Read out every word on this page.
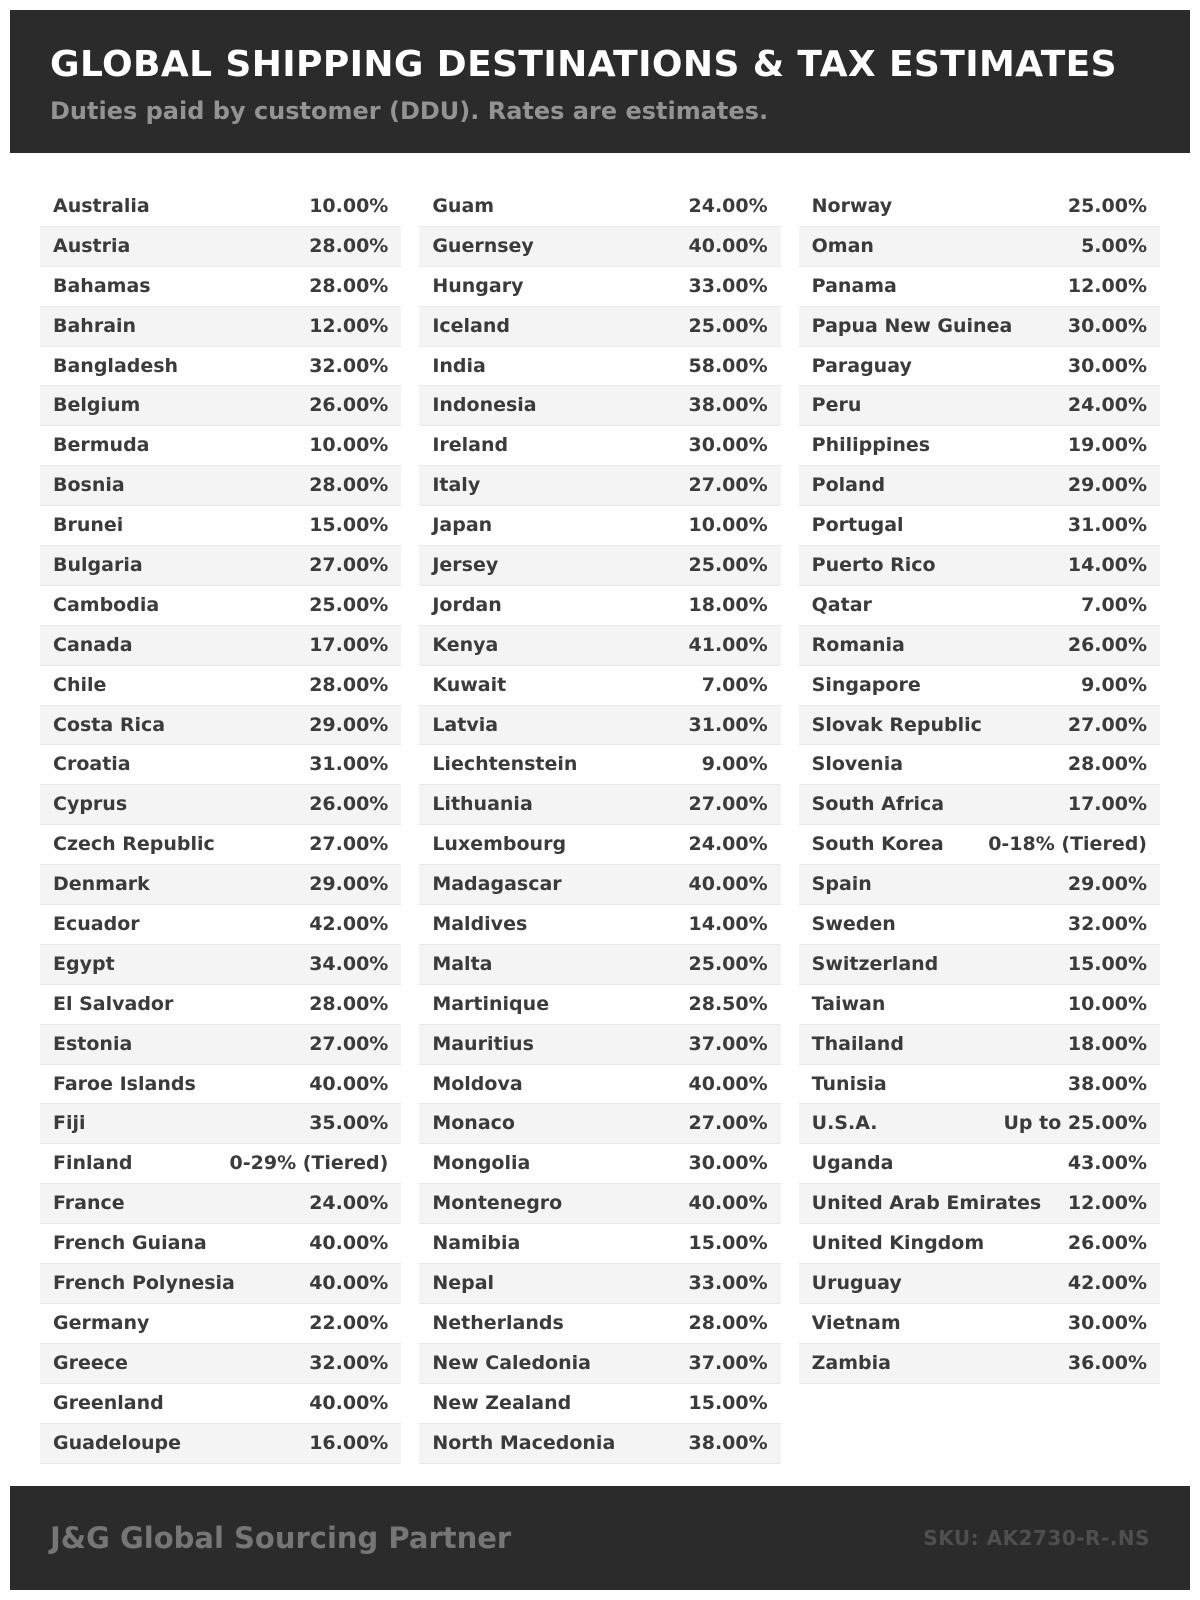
GLOBAL SHIPPING DESTINATIONS & TAX ESTIMATES

Duties paid by customer (DDU). Rates are estimates.

Australia	10.00%
Austria	28.00%
Bahamas	28.00%
Bahrain	12.00%
Bangladesh	32.00%
Belgium	26.00%
Bermuda	10.00%
Bosnia	28.00%
Brunei	15.00%
Bulgaria	27.00%
Cambodia	25.00%
Canada	17.00%
Chile	28.00%
Costa Rica	29.00%
Croatia	31.00%
Cyprus	26.00%
Czech Republic	27.00%
Denmark	29.00%
Ecuador	42.00%
Egypt	34.00%
El Salvador	28.00%
Estonia	27.00%
Faroe Islands	40.00%
Fiji	35.00%
Finland	0-29% (Tiered)
France	24.00%
French Guiana	40.00%
French Polynesia	40.00%
Germany	22.00%
Greece	32.00%
Greenland	40.00%
Guadeloupe	16.00%
Guam	24.00%
Guernsey	40.00%
Hungary	33.00%
Iceland	25.00%
India	58.00%
Indonesia	38.00%
Ireland	30.00%
Italy	27.00%
Japan	10.00%
Jersey	25.00%
Jordan	18.00%
Kenya	41.00%
Kuwait	7.00%
Latvia	31.00%
Liechtenstein	9.00%
Lithuania	27.00%
Luxembourg	24.00%
Madagascar	40.00%
Maldives	14.00%
Malta	25.00%
Martinique	28.50%
Mauritius	37.00%
Moldova	40.00%
Monaco	27.00%
Mongolia	30.00%
Montenegro	40.00%
Namibia	15.00%
Nepal	33.00%
Netherlands	28.00%
New Caledonia	37.00%
New Zealand	15.00%
North Macedonia	38.00%
Norway	25.00%
Oman	5.00%
Panama	12.00%
Papua New Guinea	30.00%
Paraguay	30.00%
Peru	24.00%
Philippines	19.00%
Poland	29.00%
Portugal	31.00%
Puerto Rico	14.00%
Qatar	7.00%
Romania	26.00%
Singapore	9.00%
Slovak Republic	27.00%
Slovenia	28.00%
South Africa	17.00%
South Korea 0-18% (Tiered)
Spain	29.00%
Sweden	32.00%
Switzerland	15.00%
Taiwan	10.00%
Thailand	18.00%
Tunisia	38.00%
U.S.A.	Up to 25.00%
Uganda	43.00%
United Arab Emirates 12.00%
United Kingdom	26.00%
Uruguay	42.00%
Vietnam	30.00%
Zambia	36.00%
J&G Global Sourcing Partner	SKU: AK2730-R-.NS
